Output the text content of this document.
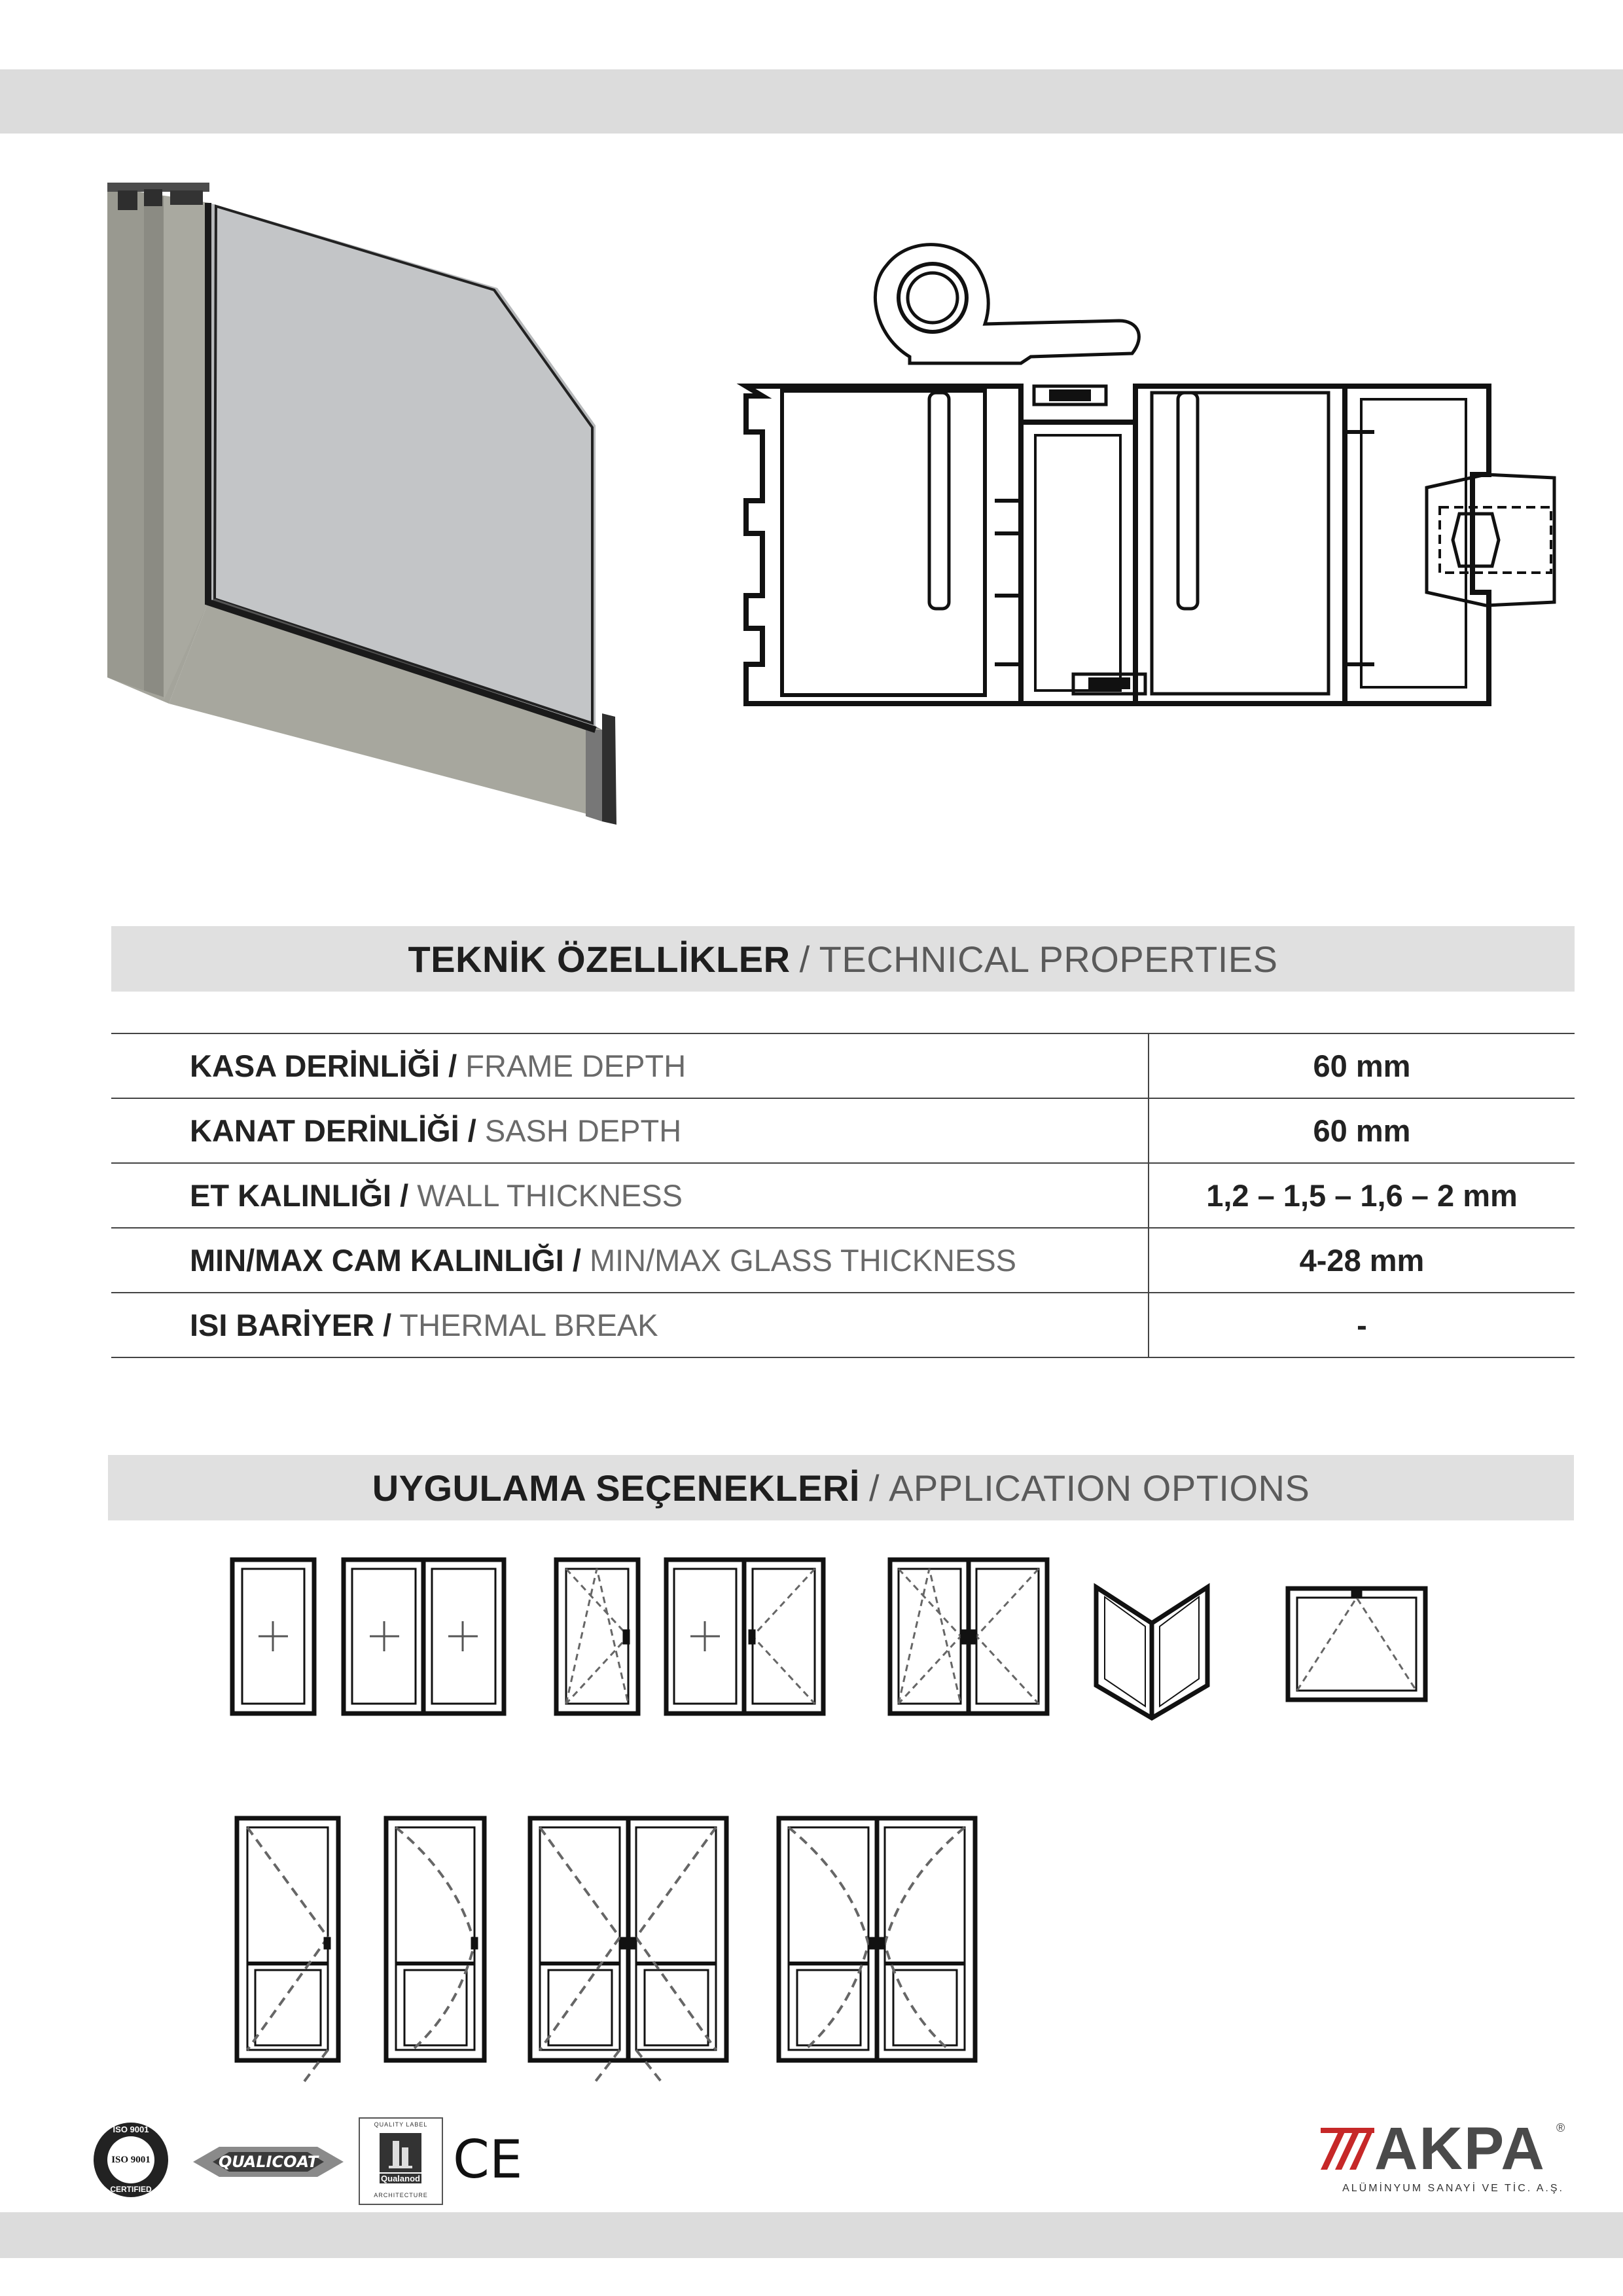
TEKNİK ÖZELLİKLER / TECHNICAL PROPERTIES
KASA DERİNLİĞİ / FRAME DEPTH	60 mm
KANAT DERİNLİĞİ / SASH DEPTH	60 mm
ET KALINLIĞI / WALL THICKNESS	1,2 – 1,5 – 1,6 – 2 mm
MIN/MAX CAM KALINLIĞI / MIN/MAX GLASS THICKNESS	4-28 mm
ISI BARİYER / THERMAL BREAK	-
UYGULAMA SEÇENEKLERİ / APPLICATION OPTIONS
ISO 9001
ISO 9001
CERTIFIED
QUALICOAT
QUALITY LABEL
Qualanod
ARCHITECTURE
CE	AKPA ®
ALÜMİNYUM SANAYİ VE TİC. A.Ş.
